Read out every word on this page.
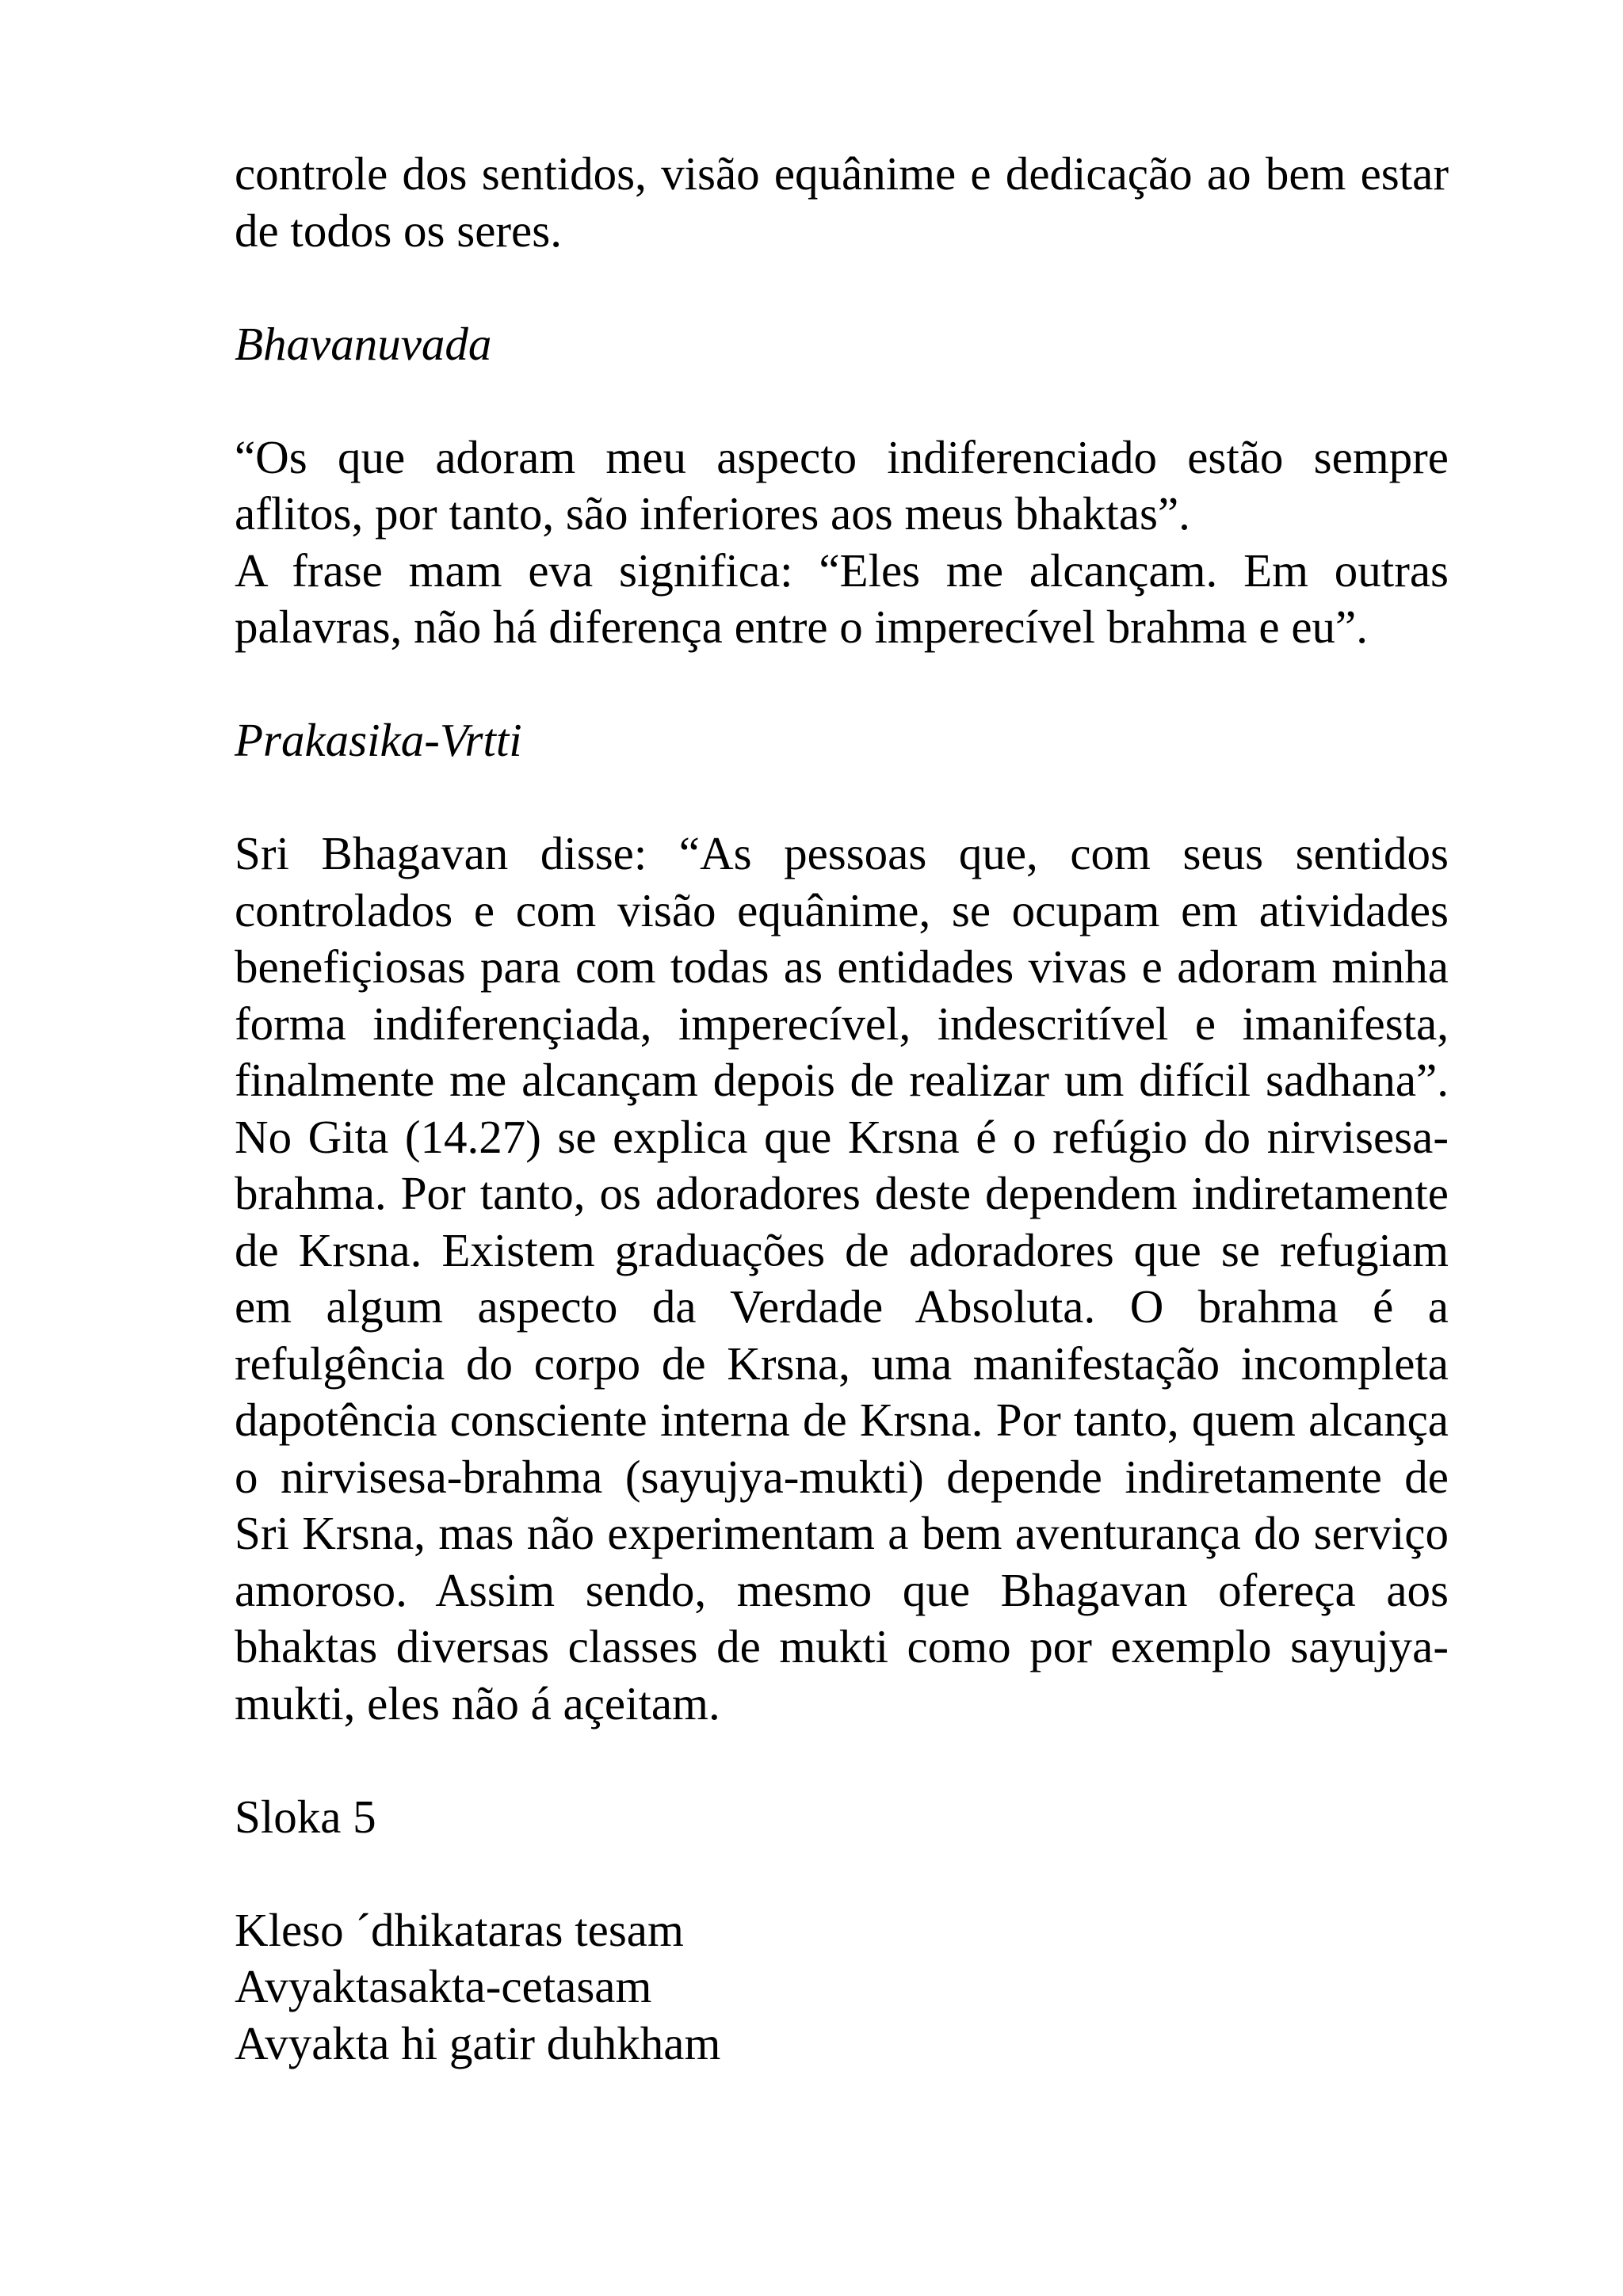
controle dos sentidos, visão equânime e dedicação ao bem estar de todos os seres.

Bhavanuvada

“Os que adoram meu aspecto indiferenciado estão sempre aflitos, por tanto, são inferiores aos meus bhaktas”.

A frase mam eva significa: “Eles me alcançam. Em outras palavras, não há diferença entre o imperecível brahma e eu”.

Prakasika-Vrtti

Sri Bhagavan disse: “As pessoas que, com seus sentidos controlados e com visão equânime, se ocupam em atividades benefiçiosas para com todas as entidades vivas e adoram minha forma indiferençiada, imperecível, indescritível e imanifesta, finalmente me alcançam depois de realizar um difícil sadhana”. No Gita (14.27) se explica que Krsna é o refúgio do nirvisesa-brahma. Por tanto, os adoradores deste dependem indiretamente de Krsna. Existem graduações de adoradores que se refugiam em algum aspecto da Verdade Absoluta. O brahma é a refulgência do corpo de Krsna, uma manifestação incompleta dapotência consciente interna de Krsna. Por tanto, quem alcança o nirvisesa-brahma (sayujya-mukti) depende indiretamente de Sri Krsna, mas não experimentam a bem aventurança do serviço amoroso. Assim sendo, mesmo que Bhagavan ofereça aos bhaktas diversas classes de mukti como por exemplo sayujya-mukti, eles não á açeitam.

Sloka 5

Kleso ´dhikataras tesam
Avyaktasakta-cetasam
Avyakta hi gatir duhkham
